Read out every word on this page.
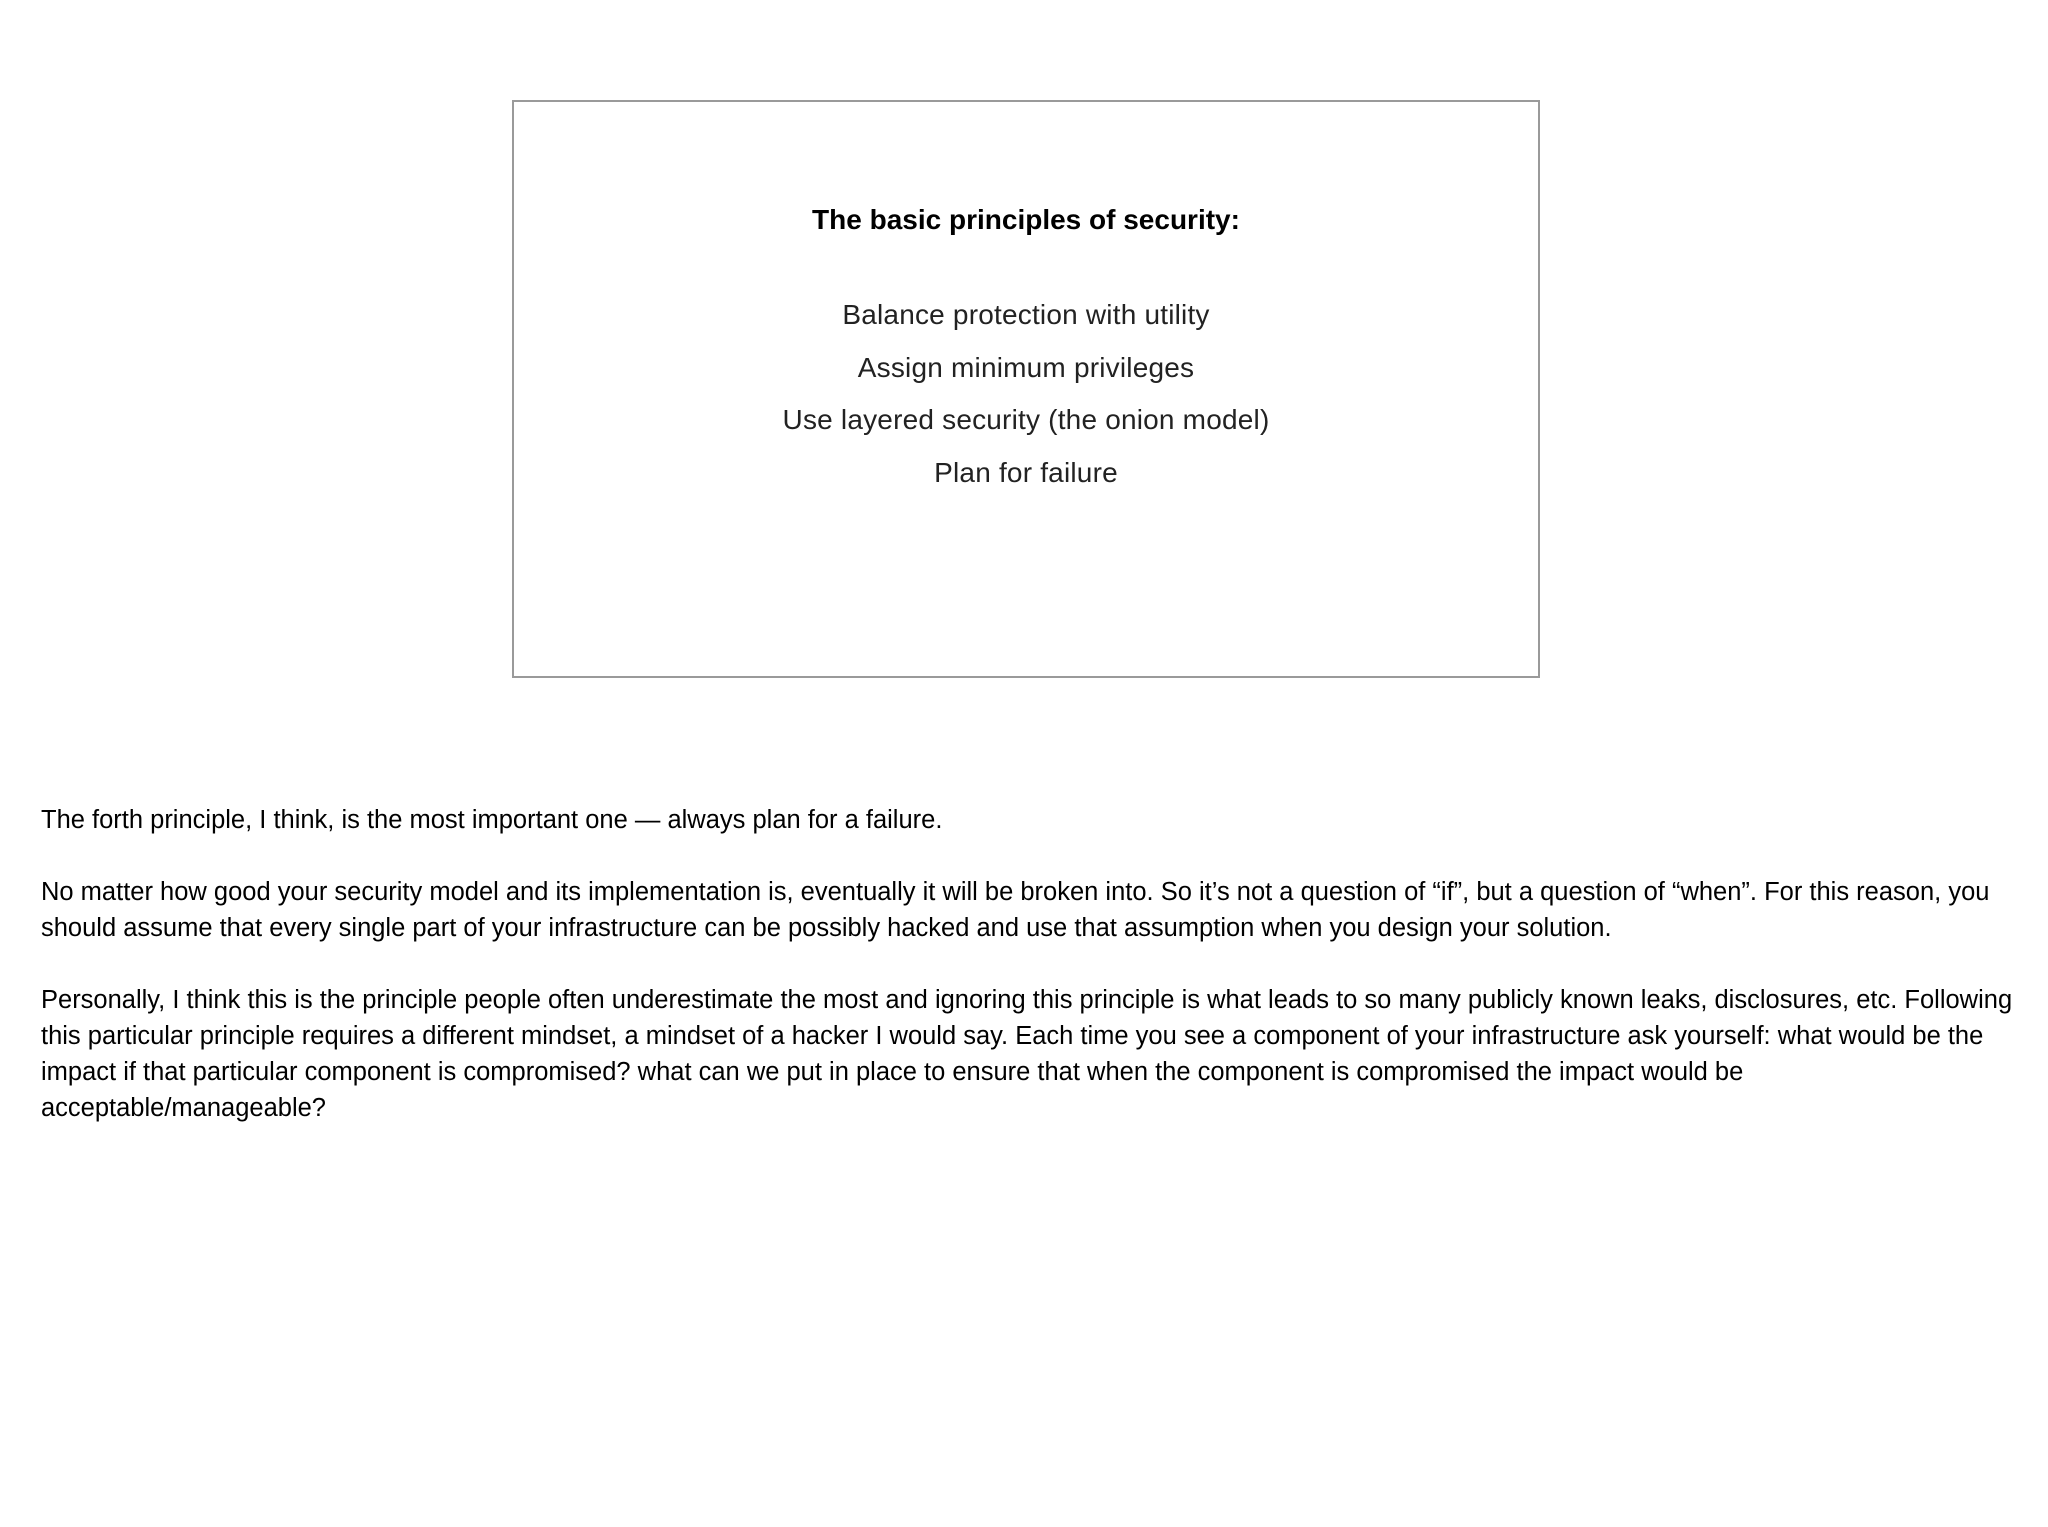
The basic principles of security:
Balance protection with utility
Assign minimum privileges
Use layered security (the onion model)
Plan for failure

The forth principle, I think, is the most important one — always plan for a failure.

No matter how good your security model and its implementation is, eventually it will be broken into. So it’s not a question of “if”, but a question of “when”. For this reason, you should assume that every single part of your infrastructure can be possibly hacked and use that assumption when you design your solution.

Personally, I think this is the principle people often underestimate the most and ignoring this principle is what leads to so many publicly known leaks, disclosures, etc. Following this particular principle requires a different mindset, a mindset of a hacker I would say. Each time you see a component of your infrastructure ask yourself: what would be the impact if that particular component is compromised? what can we put in place to ensure that when the component is compromised the impact would be acceptable/manageable?
